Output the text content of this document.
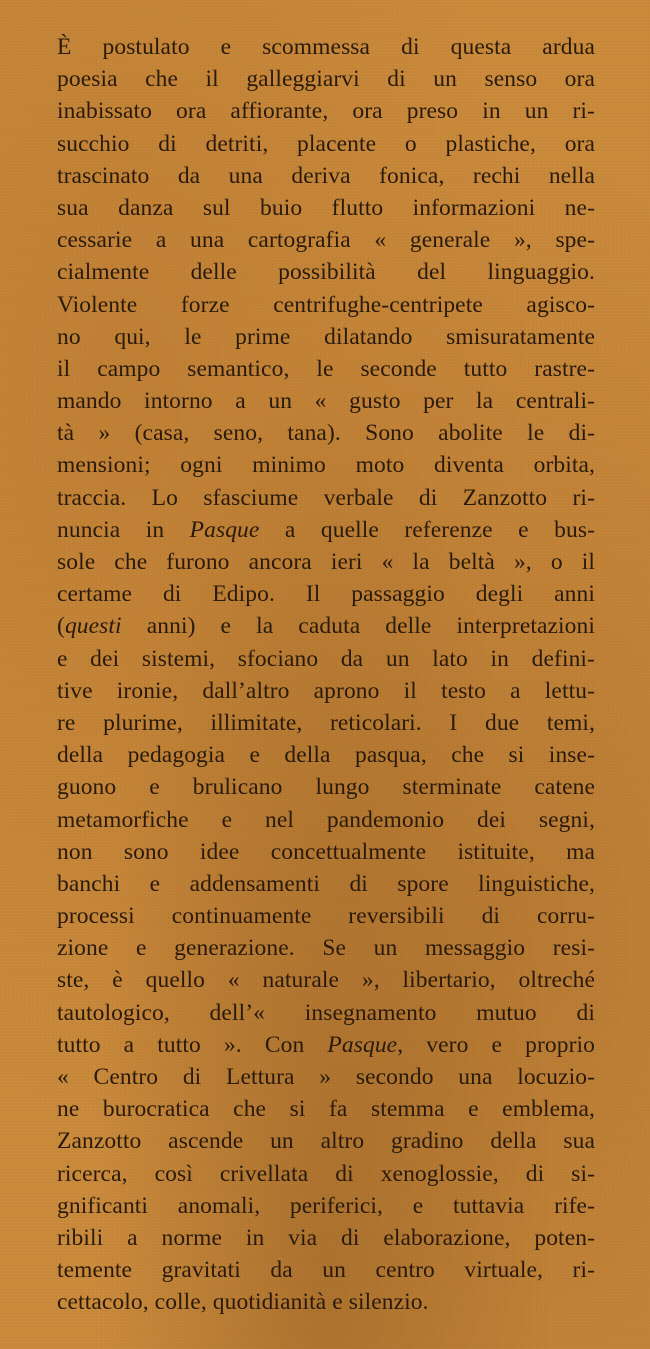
È postulato e scommessa di questa ardua
poesia che il galleggiarvi di un senso ora
inabissato ora affiorante, ora preso in un ri-
succhio di detriti, placente o plastiche, ora
trascinato da una deriva fonica, rechi nella
sua danza sul buio flutto informazioni ne-
cessarie a una cartografia « generale », spe-
cialmente delle possibilità del linguaggio.
Violente forze centrifughe-centripete agisco-
no qui, le prime dilatando smisuratamente
il campo semantico, le seconde tutto rastre-
mando intorno a un « gusto per la centrali-
tà » (casa, seno, tana). Sono abolite le di-
mensioni; ogni minimo moto diventa orbita,
traccia. Lo sfasciume verbale di Zanzotto ri-
nuncia in Pasque a quelle referenze e bus-
sole che furono ancora ieri « la beltà », o il
certame di Edipo. Il passaggio degli anni
(questi anni) e la caduta delle interpretazioni
e dei sistemi, sfociano da un lato in defini-
tive ironie, dall’altro aprono il testo a lettu-
re plurime, illimitate, reticolari. I due temi,
della pedagogia e della pasqua, che si inse-
guono e brulicano lungo sterminate catene
metamorfiche e nel pandemonio dei segni,
non sono idee concettualmente istituite, ma
banchi e addensamenti di spore linguistiche,
processi continuamente reversibili di corru-
zione e generazione. Se un messaggio resi-
ste, è quello « naturale », libertario, oltreché
tautologico, dell’« insegnamento mutuo di
tutto a tutto ». Con Pasque, vero e proprio
« Centro di Lettura » secondo una locuzio-
ne burocratica che si fa stemma e emblema,
Zanzotto ascende un altro gradino della sua
ricerca, così crivellata di xenoglossie, di si-
gnificanti anomali, periferici, e tuttavia rife-
ribili a norme in via di elaborazione, poten-
temente gravitati da un centro virtuale, ri-
cettacolo, colle, quotidianità e silenzio.
